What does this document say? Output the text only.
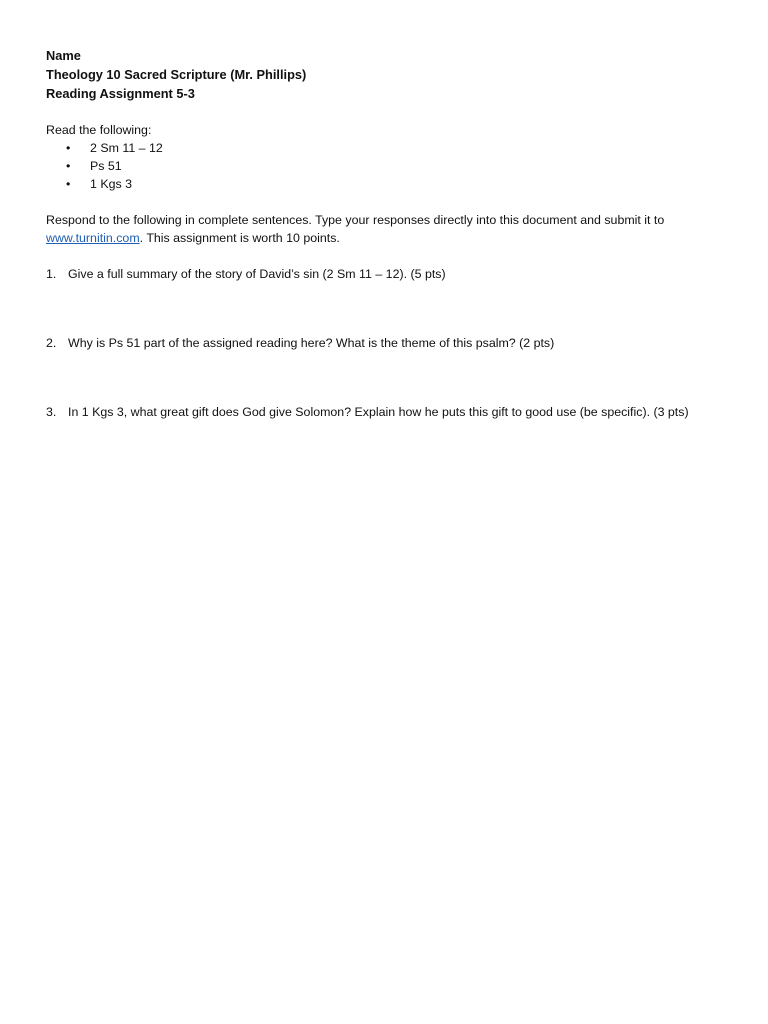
Name

Theology 10 Sacred Scripture (Mr. Phillips)

Reading Assignment 5-3

Read the following:

• 2 Sm 11 – 12
• Ps 51
• 1 Kgs 3

Respond to the following in complete sentences. Type your responses directly into this document and submit it to
www.turnitin.com. This assignment is worth 10 points.

1. Give a full summary of the story of David’s sin (2 Sm 11 – 12). (5 pts)
2. Why is Ps 51 part of the assigned reading here? What is the theme of this psalm? (2 pts)
3. In 1 Kgs 3, what great gift does God give Solomon? Explain how he puts this gift to good use (be specific). (3 pts)
